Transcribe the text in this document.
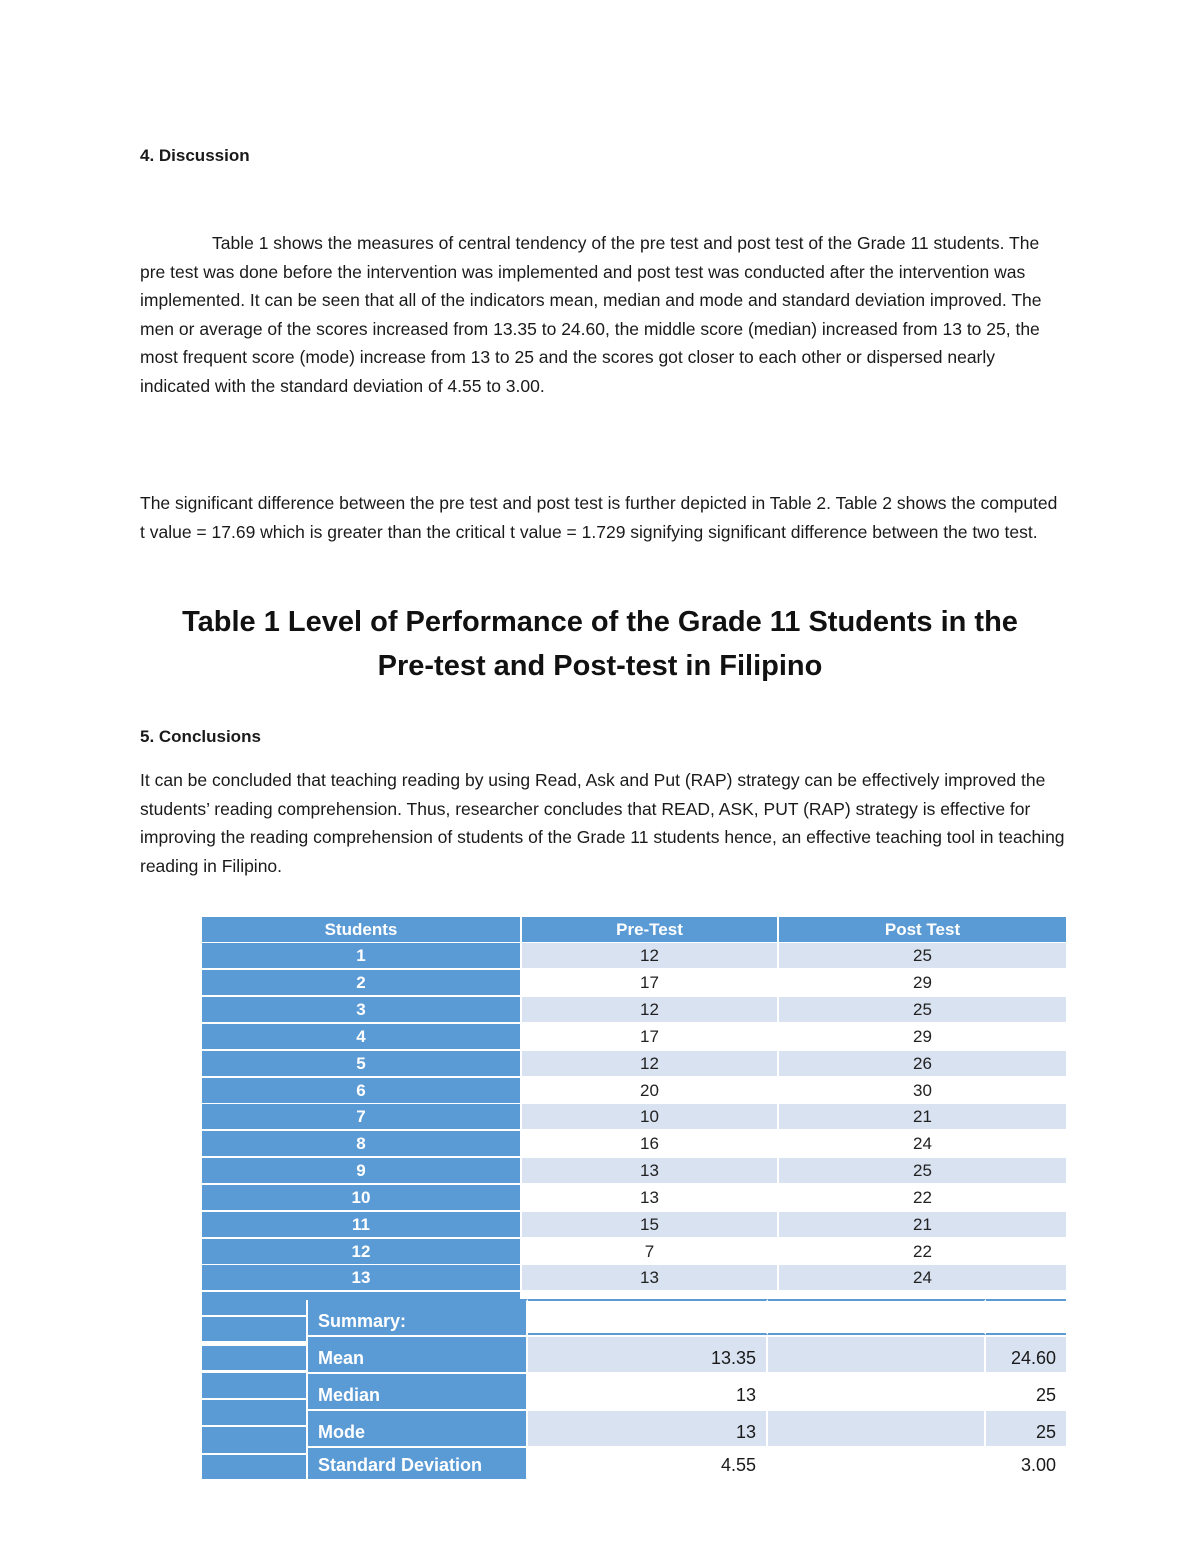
4. Discussion

Table 1 shows the measures of central tendency of the pre test and post test of the Grade 11 students. The pre test was done before the intervention was implemented and post test was conducted after the intervention was implemented. It can be seen that all of the indicators mean, median and mode and standard deviation improved. The men or average of the scores increased from 13.35 to 24.60, the middle score (median) increased from 13 to 25, the most frequent score (mode) increase from 13 to 25 and the scores got closer to each other or dispersed nearly indicated with the standard deviation of 4.55 to 3.00.

The significant difference between the pre test and post test is further depicted in Table 2. Table 2 shows the computed t value = 17.69 which is greater than the critical t value = 1.729 signifying significant difference between the two test.

Table 1 Level of Performance of the Grade 11 Students in the
Pre-test and Post-test in Filipino
5. Conclusions

It can be concluded that teaching reading by using Read, Ask and Put (RAP) strategy can be effectively improved the students’ reading comprehension. Thus, researcher concludes that READ, ASK, PUT (RAP) strategy is effective for improving the reading comprehension of students of the Grade 11 students hence, an effective teaching tool in teaching reading in Filipino.

Students	Pre-Test	Post Test
1	12	25
2	17	29
3	12	25
4	17	29
5	12	26
6	20	30
7	10	21
8	16	24
9	13	25
10	13	22
11	15	21
12	7	22
13	13	24
Summary:
Mean	13.35	24.60
Median	13	25
Mode	13	25
Standard Deviation	4.55	3.00
